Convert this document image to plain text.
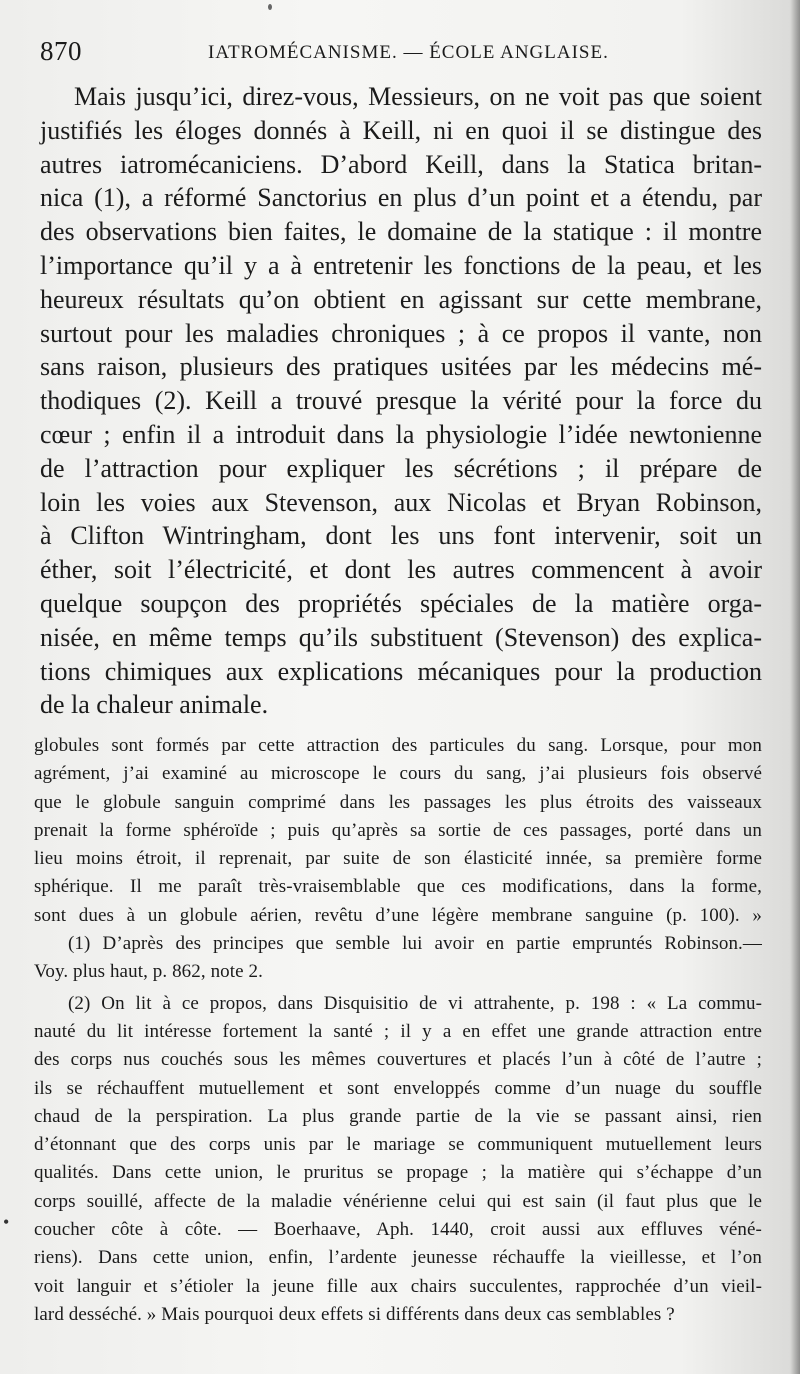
870	IATROMÉCANISME. — ÉCOLE ANGLAISE.
Mais jusqu’ici, direz-vous, Messieurs, on ne voit pas que soient
justifiés les éloges donnés à Keill, ni en quoi il se distingue des
autres iatromécaniciens. D’abord Keill, dans la Statica britan-
nica (1), a réformé Sanctorius en plus d’un point et a étendu, par
des observations bien faites, le domaine de la statique : il montre
l’importance qu’il y a à entretenir les fonctions de la peau, et les
heureux résultats qu’on obtient en agissant sur cette membrane,
surtout pour les maladies chroniques ; à ce propos il vante, non
sans raison, plusieurs des pratiques usitées par les médecins mé-
thodiques (2). Keill a trouvé presque la vérité pour la force du
cœur ; enfin il a introduit dans la physiologie l’idée newtonienne
de l’attraction pour expliquer les sécrétions ; il prépare de
loin les voies aux Stevenson, aux Nicolas et Bryan Robinson,
à Clifton Wintringham, dont les uns font intervenir, soit un
éther, soit l’électricité, et dont les autres commencent à avoir
quelque soupçon des propriétés spéciales de la matière orga-
nisée, en même temps qu’ils substituent (Stevenson) des explica-
tions chimiques aux explications mécaniques pour la production
de la chaleur animale.
globules sont formés par cette attraction des particules du sang. Lorsque, pour mon
agrément, j’ai examiné au microscope le cours du sang, j’ai plusieurs fois observé
que le globule sanguin comprimé dans les passages les plus étroits des vaisseaux
prenait la forme sphéroïde ; puis qu’après sa sortie de ces passages, porté dans un
lieu moins étroit, il reprenait, par suite de son élasticité innée, sa première forme
sphérique. Il me paraît très-vraisemblable que ces modifications, dans la forme,
sont dues à un globule aérien, revêtu d’une légère membrane sanguine (p. 100). »
(1) D’après des principes que semble lui avoir en partie empruntés Robinson.—
Voy. plus haut, p. 862, note 2.
(2) On lit à ce propos, dans Disquisitio de vi attrahente, p. 198 : « La commu-
nauté du lit intéresse fortement la santé ; il y a en effet une grande attraction entre
des corps nus couchés sous les mêmes couvertures et placés l’un à côté de l’autre ;
ils se réchauffent mutuellement et sont enveloppés comme d’un nuage du souffle
chaud de la perspiration. La plus grande partie de la vie se passant ainsi, rien
d’étonnant que des corps unis par le mariage se communiquent mutuellement leurs
qualités. Dans cette union, le pruritus se propage ; la matière qui s’échappe d’un
corps souillé, affecte de la maladie vénérienne celui qui est sain (il faut plus que le
coucher côte à côte. — Boerhaave, Aph. 1440, croit aussi aux effluves véné-
riens). Dans cette union, enfin, l’ardente jeunesse réchauffe la vieillesse, et l’on
voit languir et s’étioler la jeune fille aux chairs succulentes, rapprochée d’un vieil-
lard desséché. » Mais pourquoi deux effets si différents dans deux cas semblables ?
•
